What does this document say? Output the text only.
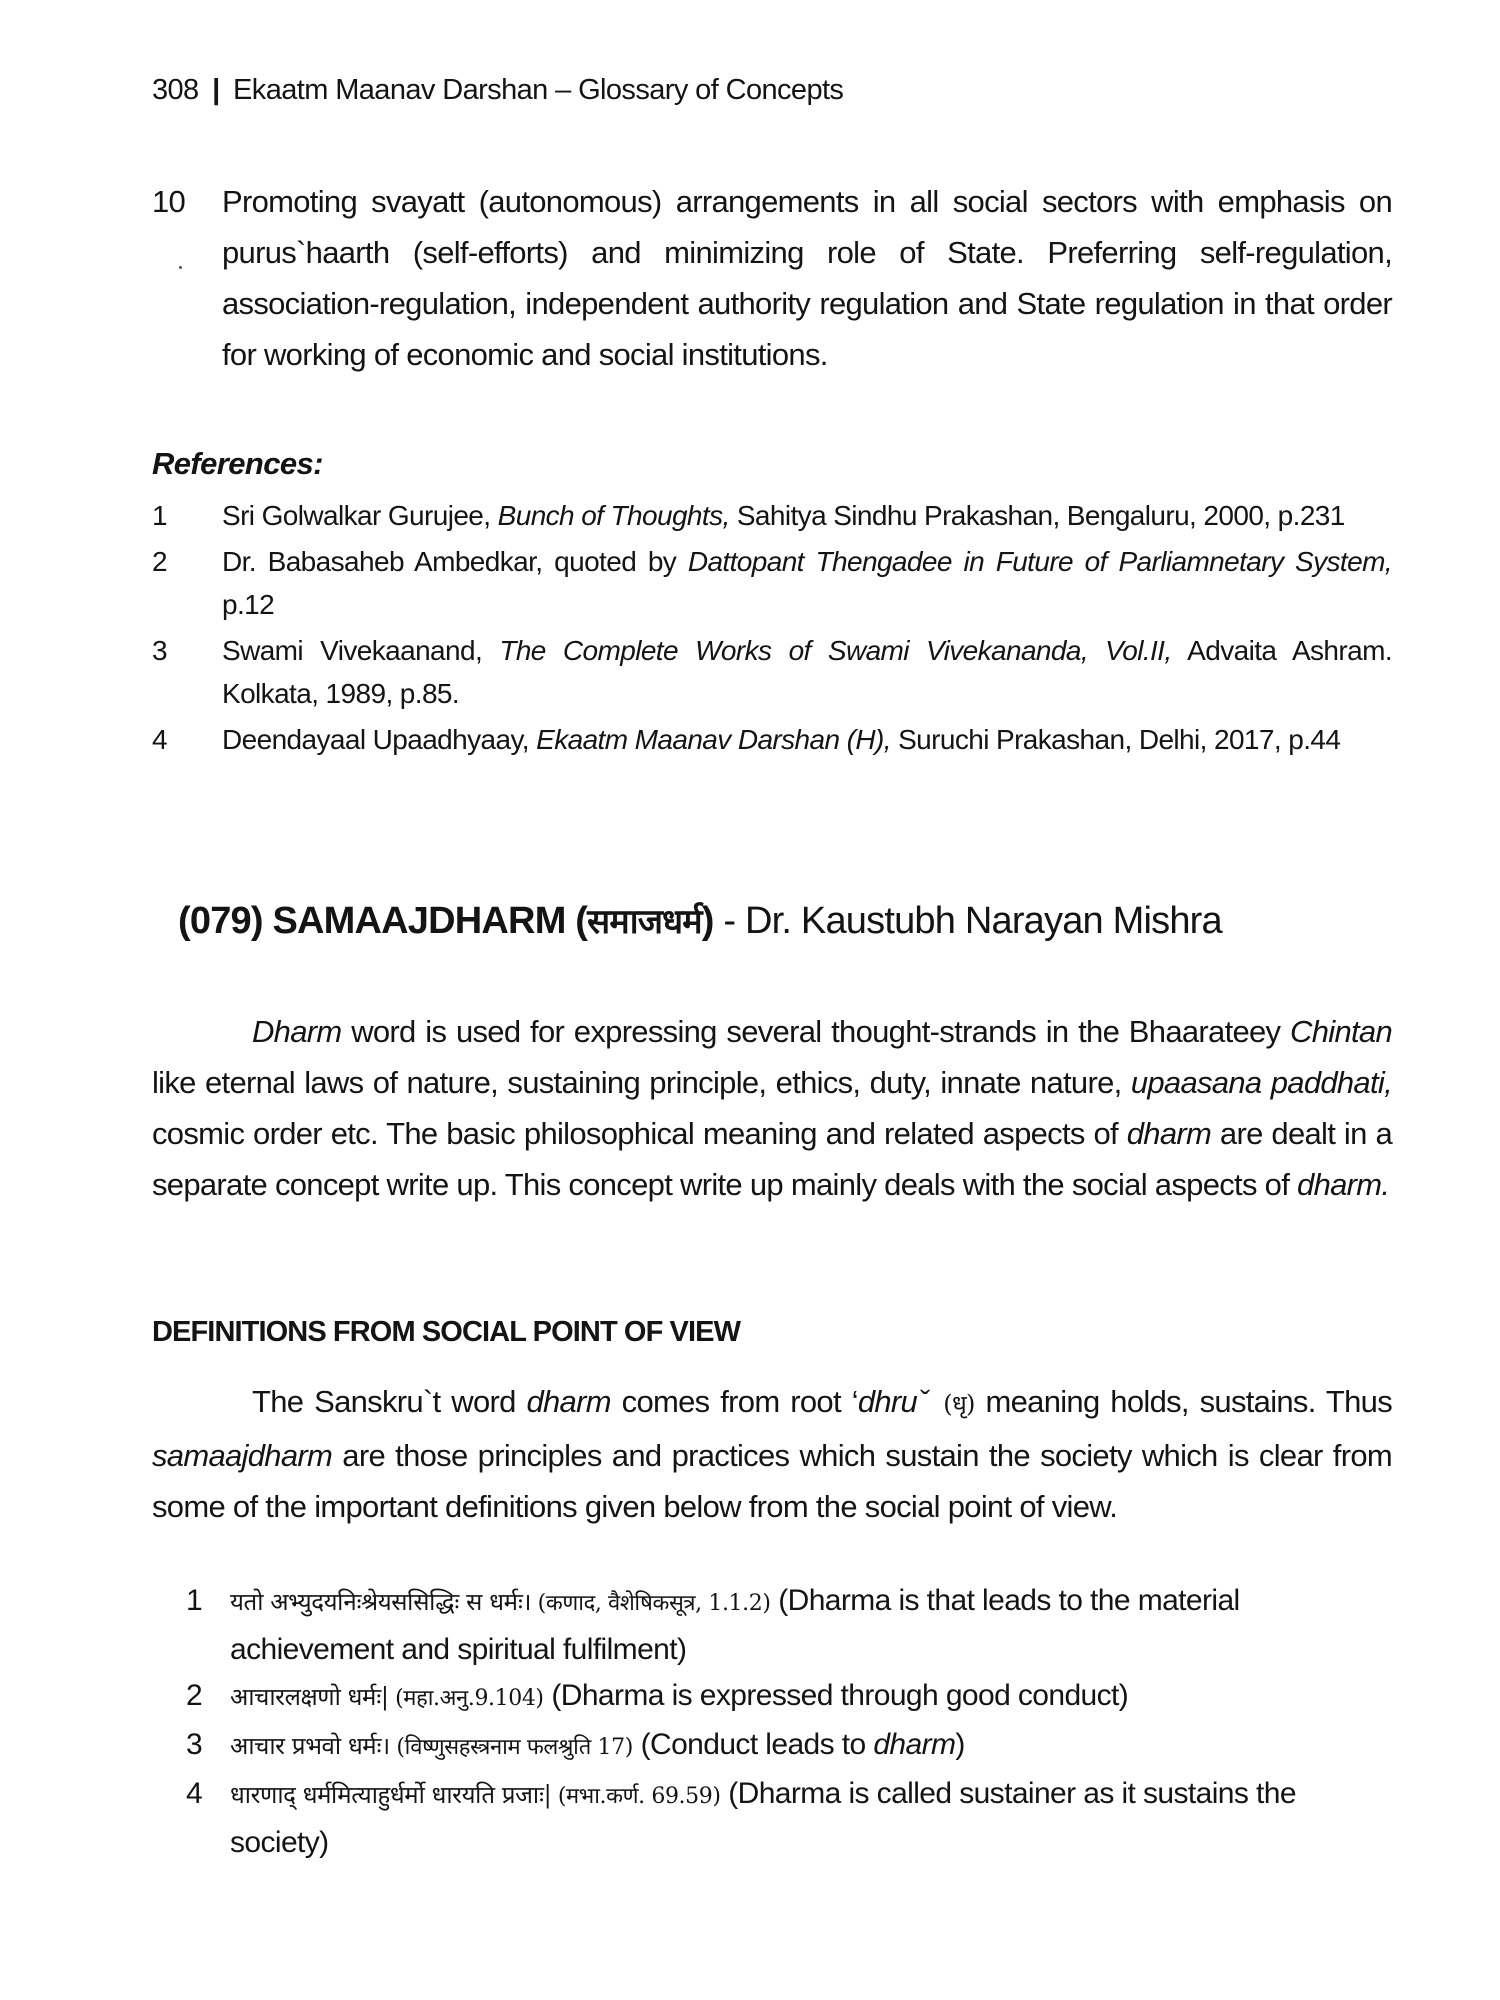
308 | Ekaatm Maanav Darshan – Glossary of Concepts
10 Promoting svayatt (autonomous) arrangements in all social sectors with emphasis on purus`haarth (self-efforts) and minimizing role of State. Preferring self-regulation, association-regulation, independent authority regulation and State regulation in that order for working of economic and social institutions.
References:
1 Sri Golwalkar Gurujee, Bunch of Thoughts, Sahitya Sindhu Prakashan, Bengaluru, 2000, p.231
2 Dr. Babasaheb Ambedkar, quoted by Dattopant Thengadee in Future of Parliamnetary System, p.12
3 Swami Vivekaanand, The Complete Works of Swami Vivekananda, Vol.II, Advaita Ashram. Kolkata, 1989, p.85.
4 Deendayaal Upaadhyaay, Ekaatm Maanav Darshan (H), Suruchi Prakashan, Delhi, 2017, p.44
(079) SAMAAJDHARM (समाजधर्म) - Dr. Kaustubh Narayan Mishra

Dharm word is used for expressing several thought-strands in the Bhaarateey Chintan like eternal laws of nature, sustaining principle, ethics, duty, innate nature, upaasana paddhati, cosmic order etc. The basic philosophical meaning and related aspects of dharm are dealt in a separate concept write up. This concept write up mainly deals with the social aspects of dharm.

DEFINITIONS FROM SOCIAL POINT OF VIEW

The Sanskru`t word dharm comes from root ‘dhruˇ (धृ) meaning holds, sustains. Thus samaajdharm are those principles and practices which sustain the society which is clear from some of the important definitions given below from the social point of view.

1 यतो अभ्युदयनिःश्रेयससिद्धिः स धर्मः। (कणाद, वैशेषिकसूत्र, 1.1.2) (Dharma is that leads to the material achievement and spiritual fulfilment)
2 आचारलक्षणो धर्मः| (महा.अनु.9.104) (Dharma is expressed through good conduct)
3 आचार प्रभवो धर्मः। (विष्णुसहस्त्रनाम फलश्रुति 17) (Conduct leads to dharm)
4 धारणाद् धर्ममित्याहुर्धर्मो धारयति प्रजाः| (मभा.कर्ण. 69.59) (Dharma is called sustainer as it sustains the society)
